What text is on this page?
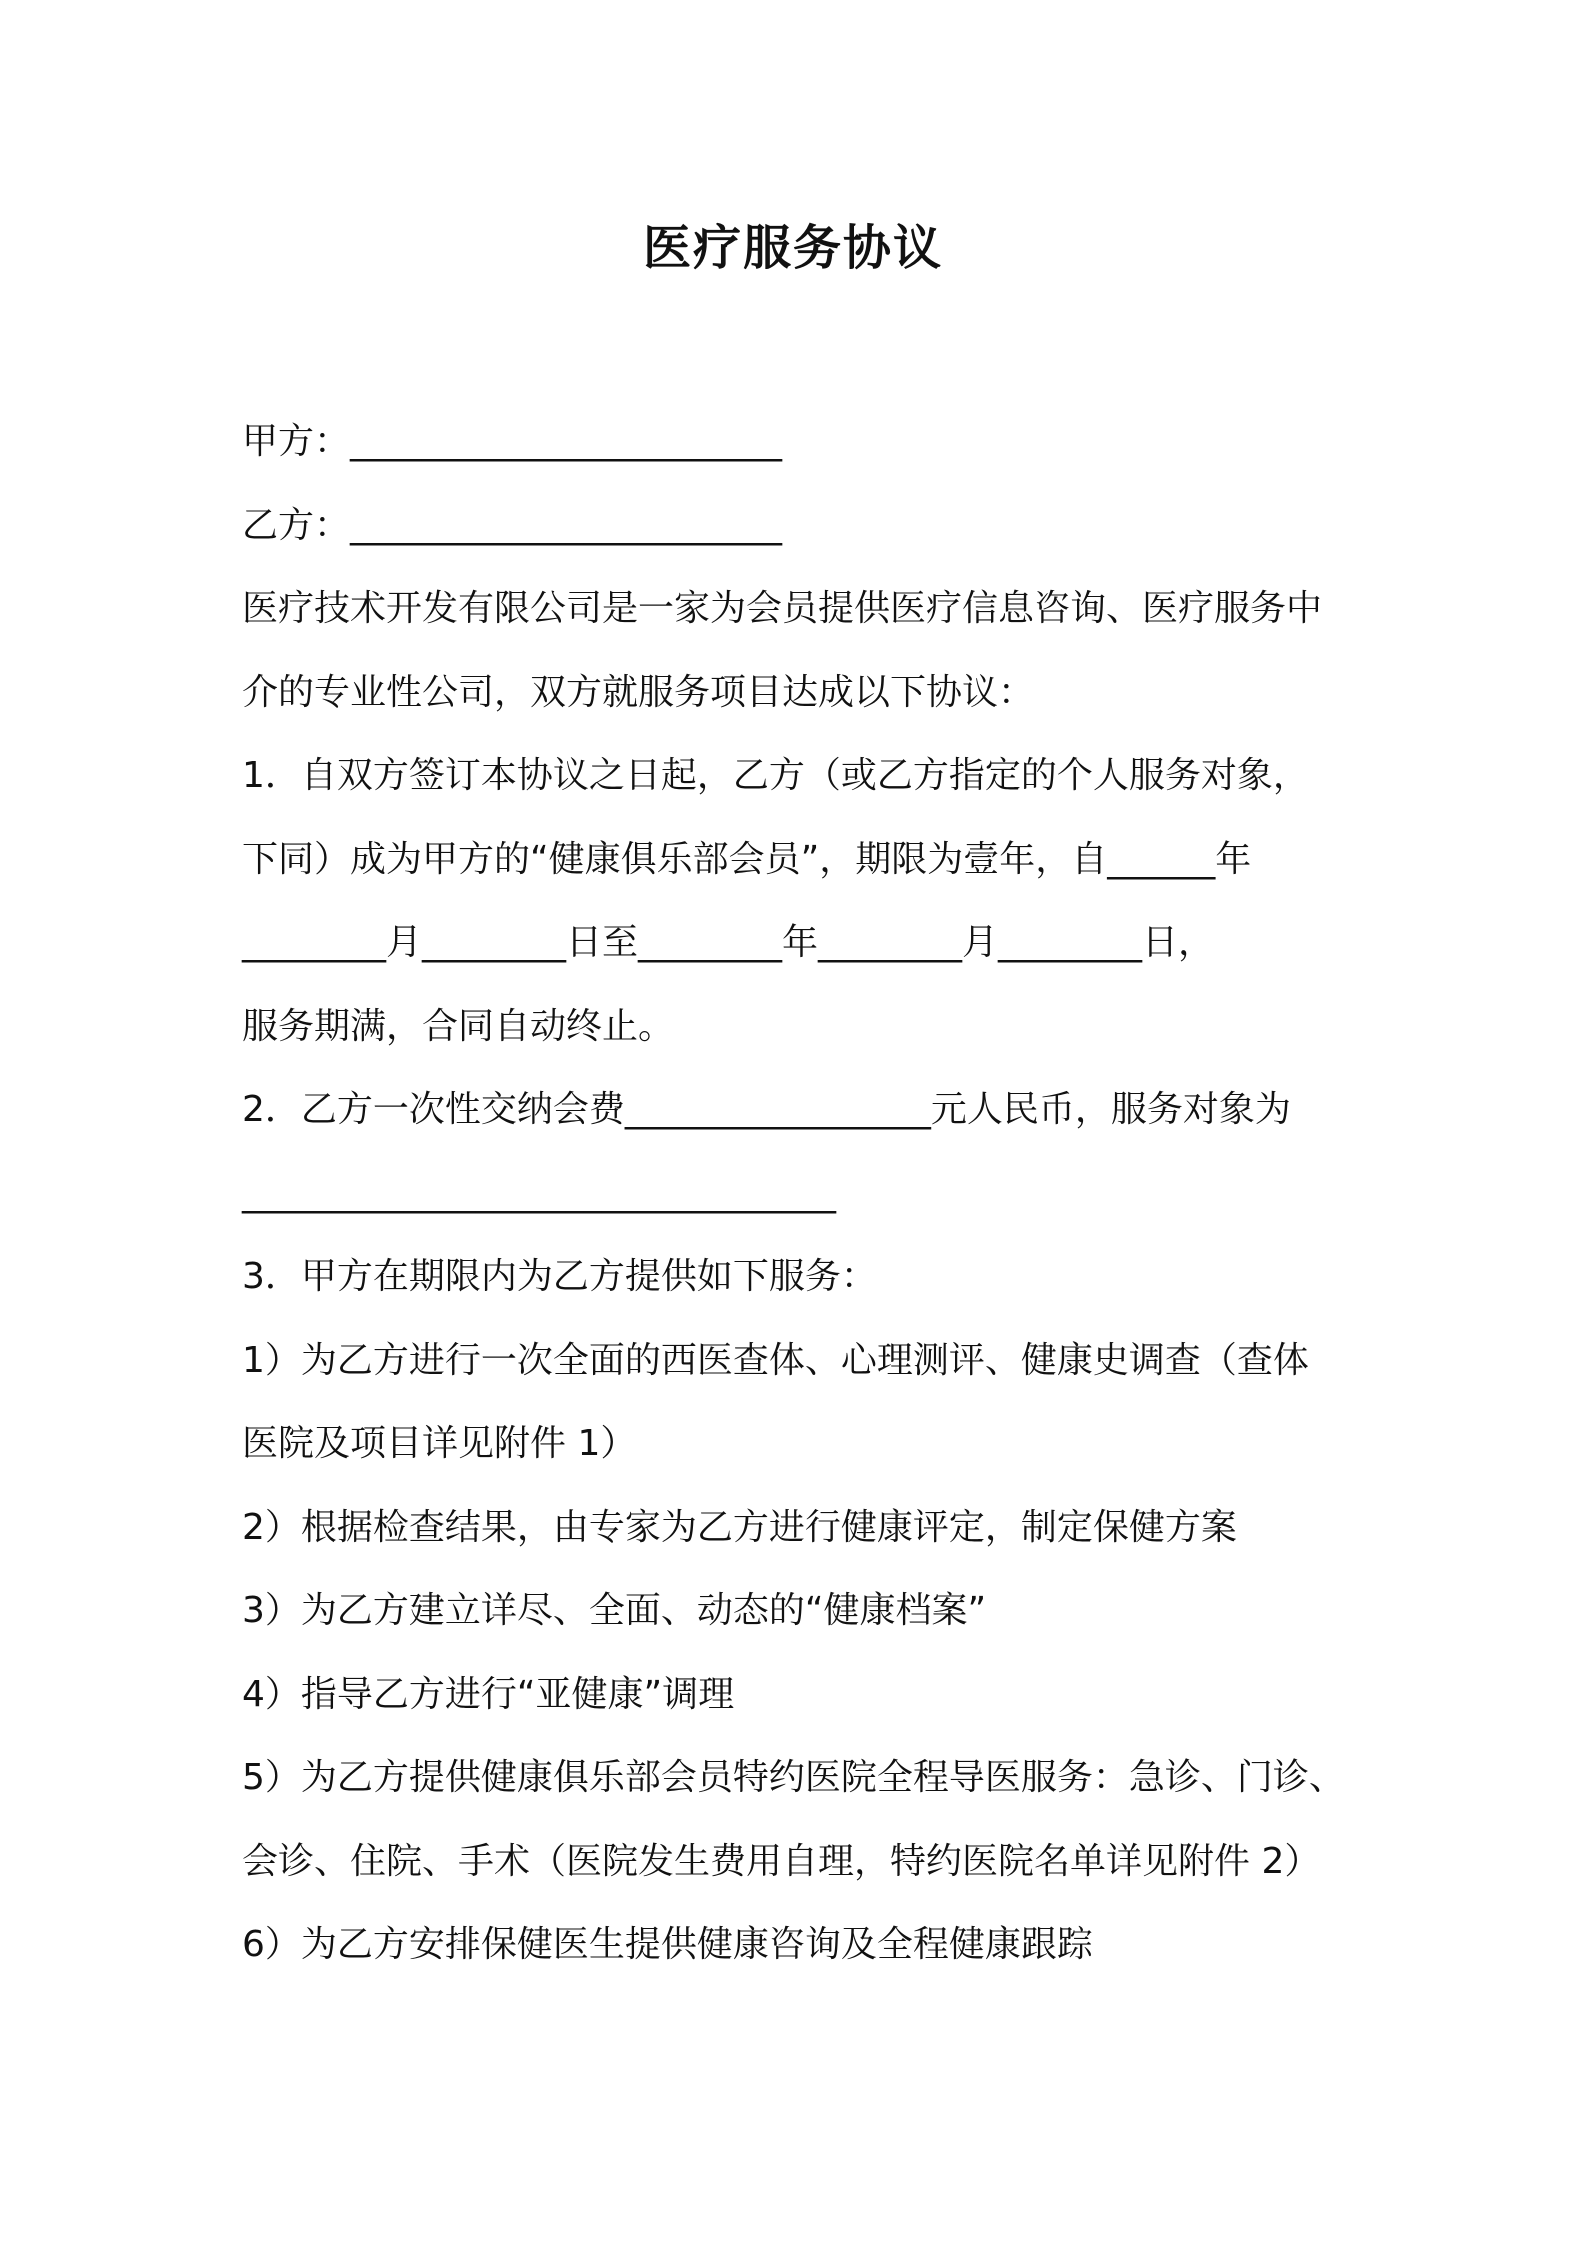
医疗服务协议
甲方：________________________
乙方：________________________
医疗技术开发有限公司是一家为会员提供医疗信息咨询、医疗服务中
介的专业性公司，双方就服务项目达成以下协议：
1．自双方签订本协议之日起，乙方（或乙方指定的个人服务对象，
下同）成为甲方的“健康俱乐部会员”，期限为壹年，自______年
________月________日至________年________月________日，
服务期满，合同自动终止。
2．乙方一次性交纳会费_________________元人民币，服务对象为
_________________________________
3．甲方在期限内为乙方提供如下服务：
1）为乙方进行一次全面的西医查体、心理测评、健康史调查（查体
医院及项目详见附件 1）
2）根据检查结果，由专家为乙方进行健康评定，制定保健方案
3）为乙方建立详尽、全面、动态的“健康档案”
4）指导乙方进行“亚健康”调理
5）为乙方提供健康俱乐部会员特约医院全程导医服务：急诊、门诊、
会诊、住院、手术（医院发生费用自理，特约医院名单详见附件 2）
6）为乙方安排保健医生提供健康咨询及全程健康跟踪
